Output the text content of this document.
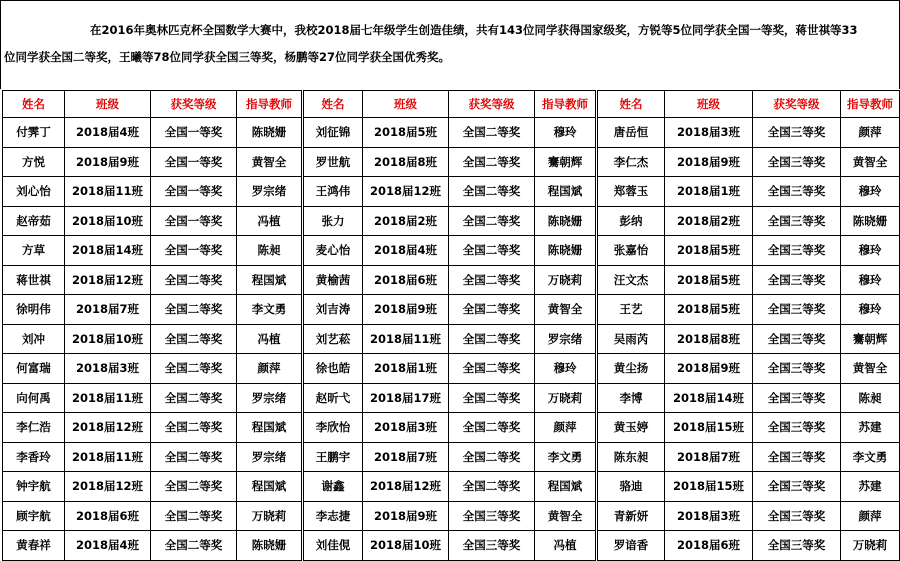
在2016年奥林匹克杯全国数学大赛中，我校2018届七年级学生创造佳绩，共有143位同学获得国家级奖，方锐等5位同学获全国一等奖，蒋世祺等33
位同学获全国二等奖，王曦等78位同学获全国三等奖，杨鹏等27位同学获全国优秀奖。

姓名	班级	获奖等级	指导教师	姓名	班级	获奖等级	指导教师	姓名	班级	获奖等级	指导教师
付霁丁	2018届4班	全国一等奖	陈晓姗	刘征锦	2018届5班	全国二等奖	穆玲	唐岳恒	2018届3班	全国三等奖	颜萍
方悦	2018届9班	全国一等奖	黄智全	罗世航	2018届8班	全国二等奖	騫朝辉	李仁杰	2018届9班	全国三等奖	黄智全
刘心怡	2018届11班	全国一等奖	罗宗绪	王鸿伟	2018届12班	全国二等奖	程国斌	郑蓉玉	2018届1班	全国三等奖	穆玲
赵帝茹	2018届10班	全国一等奖	冯植	张力	2018届2班	全国二等奖	陈晓姗	彭纳	2018届2班	全国三等奖	陈晓姗
方草	2018届14班	全国一等奖	陈昶	麦心怡	2018届4班	全国二等奖	陈晓姗	张嘉怡	2018届5班	全国三等奖	穆玲
蒋世祺	2018届12班	全国二等奖	程国斌	黄榆茜	2018届6班	全国二等奖	万晓莉	汪文杰	2018届5班	全国三等奖	穆玲
徐明伟	2018届7班	全国二等奖	李文勇	刘吉涛	2018届9班	全国二等奖	黄智全	王艺	2018届5班	全国三等奖	穆玲
刘冲	2018届10班	全国二等奖	冯植	刘艺菘	2018届11班	全国二等奖	罗宗绪	吴雨芮	2018届8班	全国三等奖	騫朝辉
何富瑞	2018届3班	全国二等奖	颜萍	徐也皓	2018届1班	全国二等奖	穆玲	黄尘扬	2018届9班	全国三等奖	黄智全
向何禹	2018届11班	全国二等奖	罗宗绪	赵昕弋	2018届17班	全国二等奖	万晓莉	李博	2018届14班	全国三等奖	陈昶
李仁浩	2018届12班	全国二等奖	程国斌	李欣怡	2018届3班	全国二等奖	颜萍	黄玉婷	2018届15班	全国三等奖	苏建
李香玲	2018届11班	全国二等奖	罗宗绪	王鹏宇	2018届7班	全国二等奖	李文勇	陈东昶	2018届7班	全国三等奖	李文勇
钟宇航	2018届12班	全国二等奖	程国斌	谢鑫	2018届12班	全国二等奖	程国斌	骆迪	2018届15班	全国三等奖	苏建
顾宇航	2018届6班	全国二等奖	万晓莉	李志捷	2018届9班	全国三等奖	黄智全	青新妍	2018届3班	全国三等奖	颜萍
黄春祥	2018届4班	全国二等奖	陈晓姗	刘佳俔	2018届10班	全国三等奖	冯植	罗谙香	2018届6班	全国三等奖	万晓莉
